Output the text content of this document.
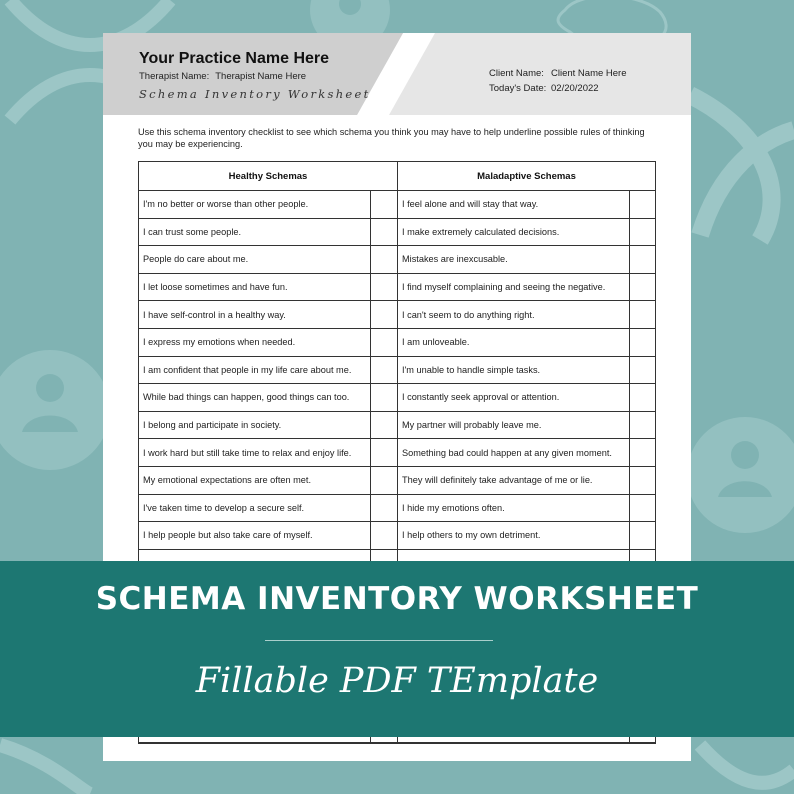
Your Practice Name Here
Therapist Name: Therapist Name Here
Schema Inventory Worksheet
Client Name: Client Name Here
Today's Date: 02/20/2022
Use this schema inventory checklist to see which schema you think you may have to help underline possible rules of thinking you may be experiencing.
Healthy Schemas	Maladaptive Schemas
I'm no better or worse than other people.	I feel alone and will stay that way.
I can trust some people.	I make extremely calculated decisions.
People do care about me.	Mistakes are inexcusable.
I let loose sometimes and have fun.	I find myself complaining and seeing the negative.
I have self-control in a healthy way.	I can't seem to do anything right.
I express my emotions when needed.	I am unloveable.
I am confident that people in my life care about me.	I'm unable to handle simple tasks.
While bad things can happen, good things can too.	I constantly seek approval or attention.
I belong and participate in society.	My partner will probably leave me.
I work hard but still take time to relax and enjoy life.	Something bad could happen at any given moment.
My emotional expectations are often met.	They will definitely take advantage of me or lie.
I've taken time to develop a secure self.	I hide my emotions often.
I help people but also take care of myself.	I help others to my own detriment.
SCHEMA INVENTORY WORKSHEET
Fillable PDF TEmplate
